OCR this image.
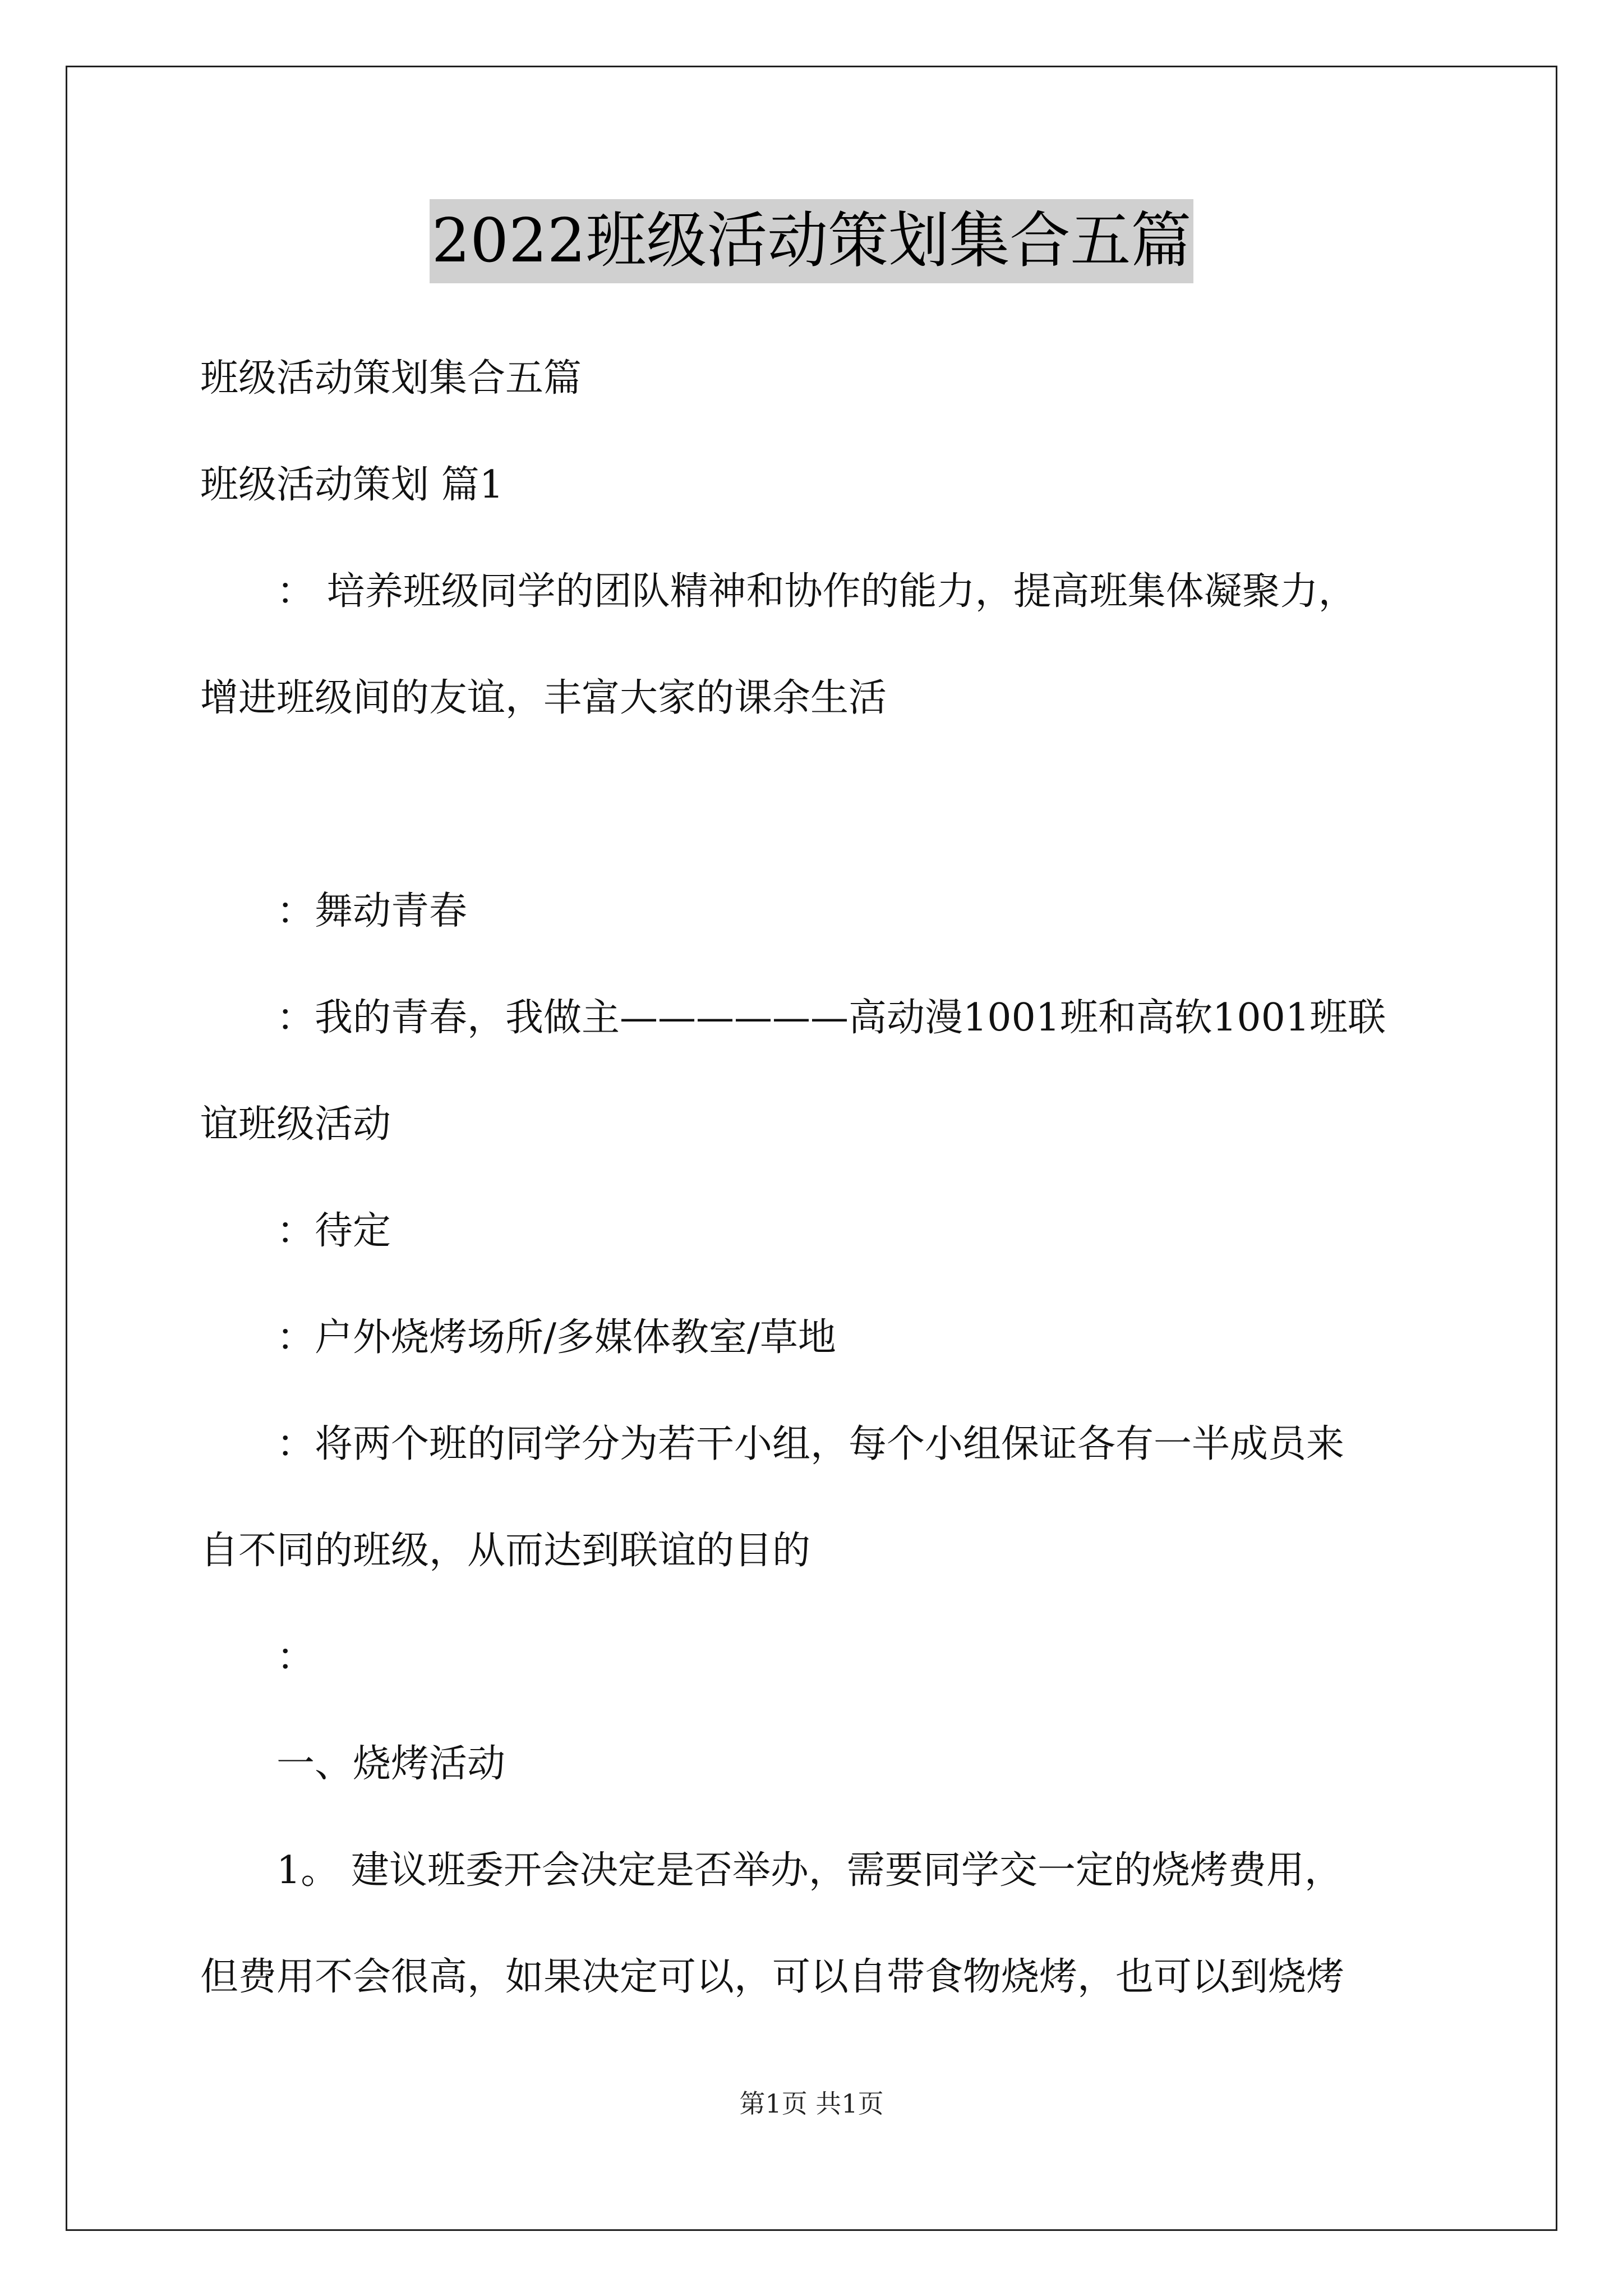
2022班级活动策划集合五篇
班级活动策划集合五篇
班级活动策划 篇1
： 培养班级同学的团队精神和协作的能力，提高班集体凝聚力，
增进班级间的友谊，丰富大家的课余生活
：舞动青春
：我的青春，我做主——————高动漫1001班和高软1001班联
谊班级活动
：待定
：户外烧烤场所/多媒体教室/草地
：将两个班的同学分为若干小组，每个小组保证各有一半成员来
自不同的班级，从而达到联谊的目的
：
一、烧烤活动
1。 建议班委开会决定是否举办，需要同学交一定的烧烤费用，
但费用不会很高，如果决定可以，可以自带食物烧烤，也可以到烧烤
第1页 共1页
